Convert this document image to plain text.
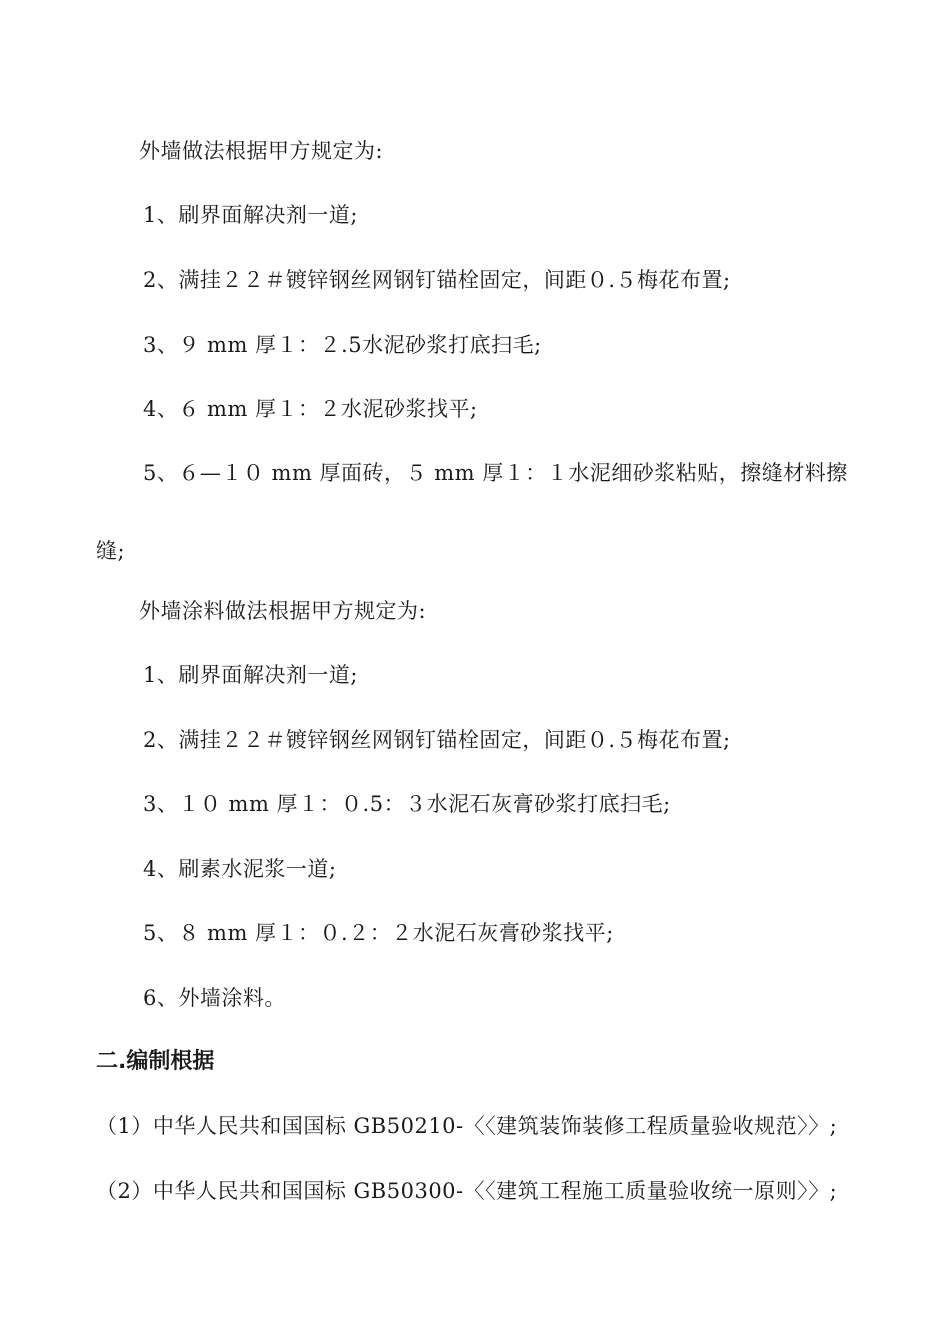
外墙做法根据甲方规定为:
1、刷界面解决剂一道;
2、满挂２２＃镀锌钢丝网钢钉锚栓固定，间距０.５梅花布置;
3、９ mm 厚１：２.5水泥砂浆打底扫毛;
4、６ mm 厚１：２水泥砂浆找平;
5、６—１０ mm 厚面砖，５ mm 厚１：１水泥细砂浆粘贴，擦缝材料擦
缝;
外墙涂料做法根据甲方规定为:
1、刷界面解决剂一道;
2、满挂２２＃镀锌钢丝网钢钉锚栓固定，间距０.５梅花布置;
3、１０ mm 厚１：０.5：３水泥石灰膏砂浆打底扫毛;
4、刷素水泥浆一道;
5、８ mm 厚１：０.２：２水泥石灰膏砂浆找平;
6、外墙涂料。
二.编制根据
（1）中华人民共和国国标 GB50210-〈〈建筑装饰装修工程质量验收规范〉〉;
（2）中华人民共和国国标 GB50300-〈〈建筑工程施工质量验收统一原则〉〉;
